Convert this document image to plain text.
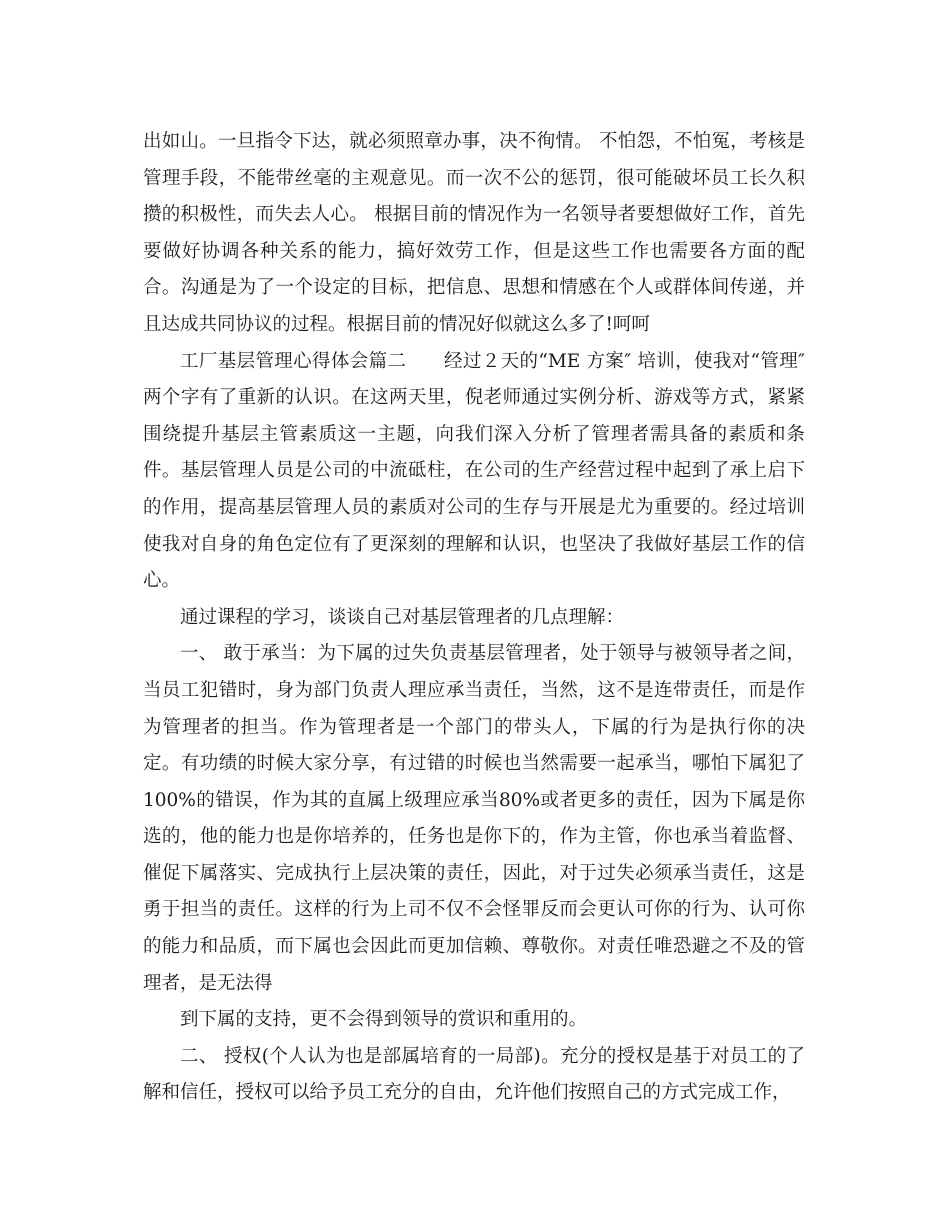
出如山。一旦指令下达，就必须照章办事，决不徇情。 不怕怨，不怕冤，考核是管理手段，不能带丝毫的主观意见。而一次不公的惩罚，很可能破坏员工长久积攒的积极性，而失去人心。 根据目前的情况作为一名领导者要想做好工作，首先要做好协调各种关系的能力，搞好效劳工作，但是这些工作也需要各方面的配合。沟通是为了一个设定的目标，把信息、思想和情感在个人或群体间传递，并且达成共同协议的过程。根据目前的情况好似就这么多了!呵呵

工厂基层管理心得体会篇二　　经过２天的“ME 方案″ 培训，使我对“管理″两个字有了重新的认识。在这两天里，倪老师通过实例分析、游戏等方式，紧紧围绕提升基层主管素质这一主题，向我们深入分析了管理者需具备的素质和条件。基层管理人员是公司的中流砥柱，在公司的生产经营过程中起到了承上启下的作用，提高基层管理人员的素质对公司的生存与开展是尤为重要的。经过培训使我对自身的角色定位有了更深刻的理解和认识，也坚决了我做好基层工作的信心。

通过课程的学习，谈谈自己对基层管理者的几点理解：

一、 敢于承当：为下属的过失负责基层管理者，处于领导与被领导者之间，当员工犯错时，身为部门负责人理应承当责任，当然，这不是连带责任，而是作为管理者的担当。作为管理者是一个部门的带头人，下属的行为是执行你的决定。有功绩的时候大家分享，有过错的时候也当然需要一起承当，哪怕下属犯了100%的错误，作为其的直属上级理应承当80%或者更多的责任，因为下属是你选的，他的能力也是你培养的，任务也是你下的，作为主管，你也承当着监督、催促下属落实、完成执行上层决策的责任，因此，对于过失必须承当责任，这是勇于担当的责任。这样的行为上司不仅不会怪罪反而会更认可你的行为、认可你的能力和品质，而下属也会因此而更加信赖、尊敬你。对责任唯恐避之不及的管理者，是无法得

到下属的支持，更不会得到领导的赏识和重用的。

二、 授权(个人认为也是部属培育的一局部)。充分的授权是基于对员工的了解和信任，授权可以给予员工充分的自由，允许他们按照自己的方式完成工作，
